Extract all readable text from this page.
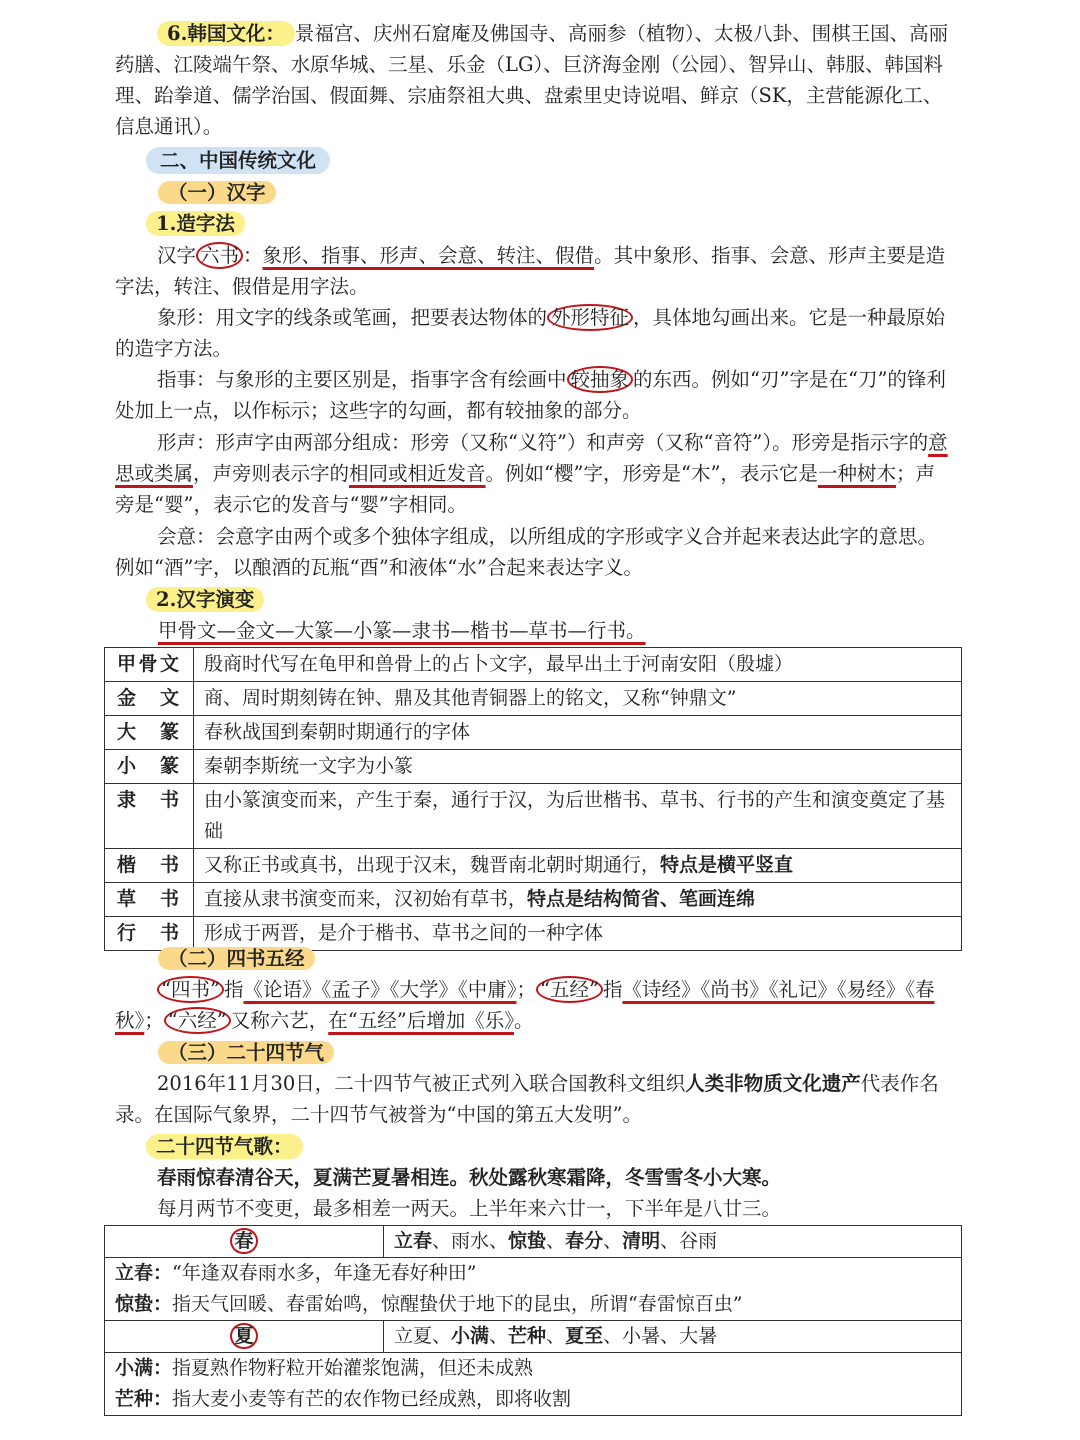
6.韩国文化： 景福宫、庆州石窟庵及佛国寺、高丽参（植物）、太极八卦、围棋王国、高丽药膳、江陵端午祭、水原华城、三星、乐金（LG）、巨济海金刚（公园）、智异山、韩服、韩国料理、跆拳道、儒学治国、假面舞、宗庙祭祖大典、盘索里史诗说唱、鲜京（SK，主营能源化工、信息通讯）。

二、中国传统文化
（一）汉字
1.造字法

汉字 六书 ：象形、指事、形声、会意、转注、假借。其中象形、指事、会意、形声主要是造字法，转注、假借是用字法。

象形：用文字的线条或笔画，把要表达物体的 外形特征 ，具体地勾画出来。它是一种最原始的造字方法。

指事：与象形的主要区别是，指事字含有绘画中 较抽象 的东西。例如“刃”字是在“刀”的锋利处加上一点，以作标示；这些字的勾画，都有较抽象的部分。

形声：形声字由两部分组成：形旁（又称“义符”）和声旁（又称“音符”）。形旁是指示字的意思或类属，声旁则表示字的相同或相近发音。例如“樱”字，形旁是“木”，表示它是一种树木；声旁是“婴”，表示它的发音与“婴”字相同。

会意：会意字由两个或多个独体字组成，以所组成的字形或字义合并起来表达此字的意思。例如“酒”字，以酿酒的瓦瓶“酉”和液体“水”合起来表达字义。

2.汉字演变

甲骨文—金文—大篆—小篆—隶书—楷书—草书—行书。

甲骨文	殷商时代写在龟甲和兽骨上的占卜文字，最早出土于河南安阳（殷墟）
金文	商、周时期刻铸在钟、鼎及其他青铜器上的铭文，又称“钟鼎文”
大篆	春秋战国到秦朝时期通行的字体
小篆	秦朝李斯统一文字为小篆
隶书	由小篆演变而来，产生于秦，通行于汉，为后世楷书、草书、行书的产生和演变奠定了基础
楷书	又称正书或真书，出现于汉末，魏晋南北朝时期通行，特点是横平竖直
草书	直接从隶书演变而来，汉初始有草书，特点是结构简省、笔画连绵
行书	形成于两晋，是介于楷书、草书之间的一种字体
（二）四书五经

“四书” 指《论语》《孟子》《大学》《中庸》； “五经” 指《诗经》《尚书》《礼记》《易经》《春秋》； “六经” 又称六艺，在“五经”后增加《乐》。

（三）二十四节气

2016年11月30日，二十四节气被正式列入联合国教科文组织人类非物质文化遗产代表作名录。在国际气象界，二十四节气被誉为“中国的第五大发明”。

二十四节气歌：

春雨惊春清谷天，夏满芒夏暑相连。秋处露秋寒霜降，冬雪雪冬小大寒。

每月两节不变更，最多相差一两天。上半年来六廿一，下半年是八廿三。

春	立春、雨水、惊蛰、春分、清明、谷雨

立春：“年逢双春雨水多，年逢无春好种田”
惊蛰：指天气回暖、春雷始鸣，惊醒蛰伏于地下的昆虫，所谓“春雷惊百虫”	

夏	立夏、小满、芒种、夏至、小暑、大暑

小满：指夏熟作物籽粒开始灌浆饱满，但还未成熟
芒种：指大麦小麦等有芒的农作物已经成熟，即将收割	
